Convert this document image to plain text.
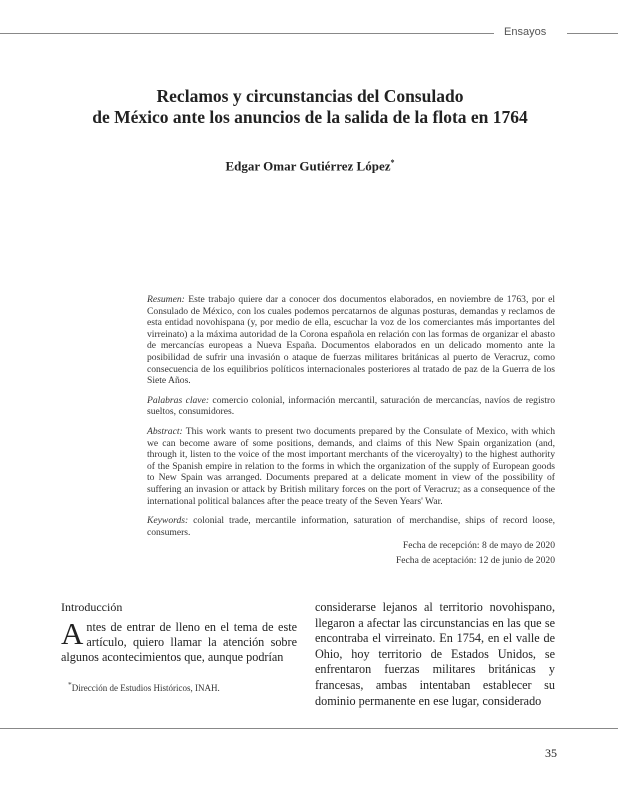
Ensayos
Reclamos y circunstancias del Consulado
de México ante los anuncios de la salida de la flota en 1764
Edgar Omar Gutiérrez López*

Resumen: Este trabajo quiere dar a conocer dos documentos elaborados, en noviembre de 1763, por el Consulado de México, con los cuales podemos percatarnos de algunas posturas, demandas y reclamos de esta entidad novohispana (y, por medio de ella, escuchar la voz de los comerciantes más importantes del virreinato) a la máxima autoridad de la Corona española en relación con las formas de organizar el abasto de mercancías europeas a Nueva España. Documentos elaborados en un delicado momento ante la posibilidad de sufrir una invasión o ataque de fuerzas militares británicas al puerto de Veracruz, como consecuencia de los equilibrios políticos internacionales posteriores al tratado de paz de la Guerra de los Siete Años.

Palabras clave: comercio colonial, información mercantil, saturación de mercancías, navíos de registro sueltos, consumidores.

Abstract: This work wants to present two documents prepared by the Consulate of Mexico, with which we can become aware of some positions, demands, and claims of this New Spain organization (and, through it, listen to the voice of the most important merchants of the viceroyalty) to the highest authority of the Spanish empire in relation to the forms in which the organization of the supply of European goods to New Spain was arranged. Documents prepared at a delicate moment in view of the possibility of suffering an invasion or attack by British military forces on the port of Veracruz; as a consequence of the international political balances after the peace treaty of the Seven Years' War.

Keywords: colonial trade, mercantile information, saturation of merchandise, ships of record loose, consumers.

Fecha de recepción: 8 de mayo de 2020
Fecha de aceptación: 12 de junio de 2020
Introducción
Antes de entrar de lleno en el tema de este artículo, quiero llamar la atención sobre algunos acontecimientos que, aunque podrían
*Dirección de Estudios Históricos, INAH.
considerarse lejanos al territorio novohispano, llegaron a afectar las circunstancias en las que se encontraba el virreinato. En 1754, en el valle de Ohio, hoy territorio de Estados Unidos, se enfrentaron fuerzas militares británicas y francesas, ambas intentaban establecer su dominio permanente en ese lugar, considerado
35
